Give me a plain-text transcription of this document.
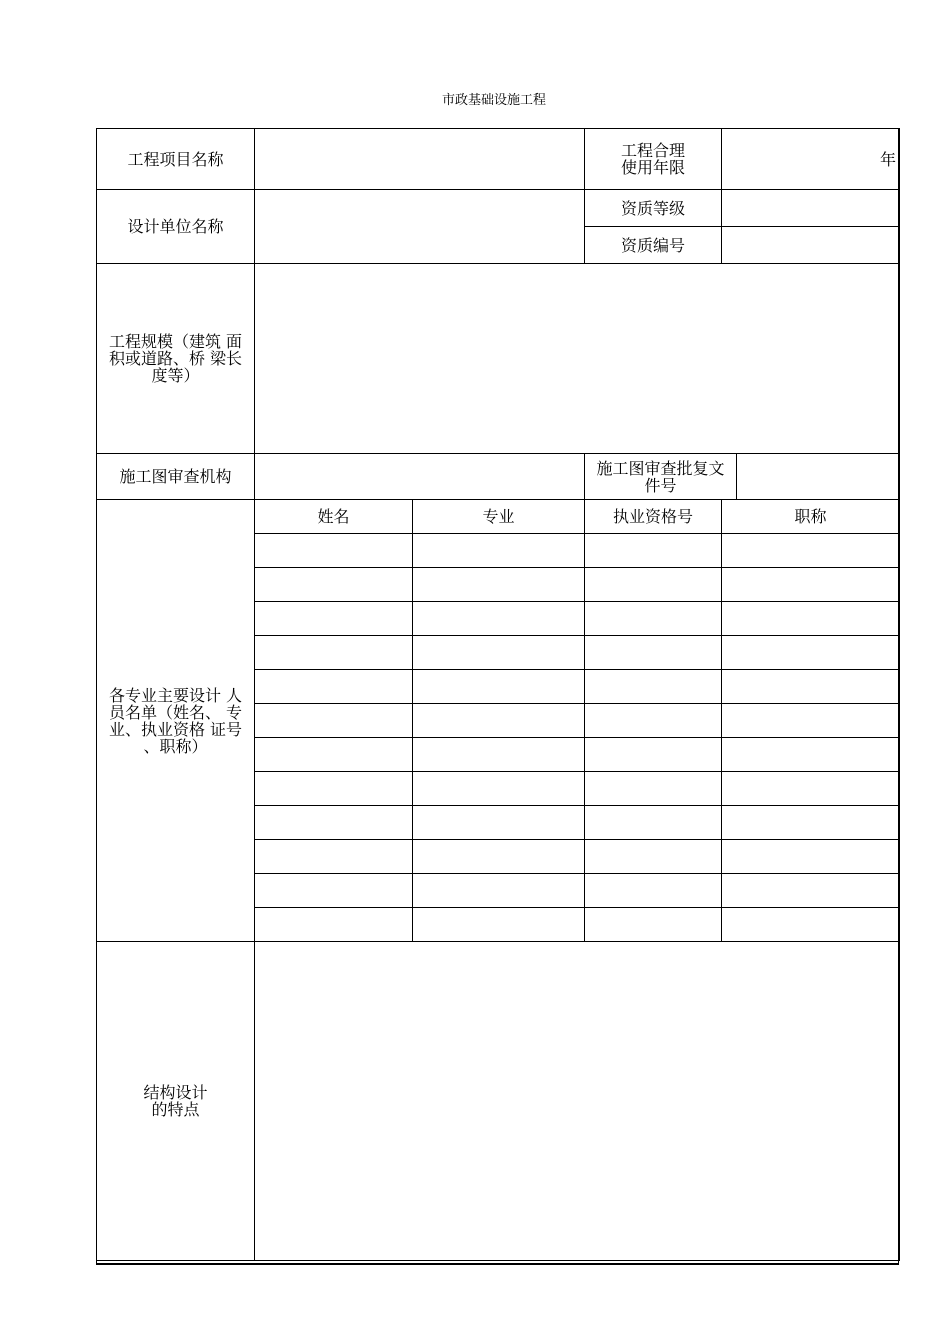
市政基础设施工程
工程项目名称			工程合理
使用年限	年	
设计单位名称			资质等级		
			资质编号		
工程规模（建筑 面
积或道路、桥 梁长
度等）					
施工图审查机构			施工图审查批复文
件号		
各专业主要设计 人
员名单（姓名、 专
业、执业资格 证号
、职称）	姓名	专业	执业资格号	职称	

结构设计
的特点					
